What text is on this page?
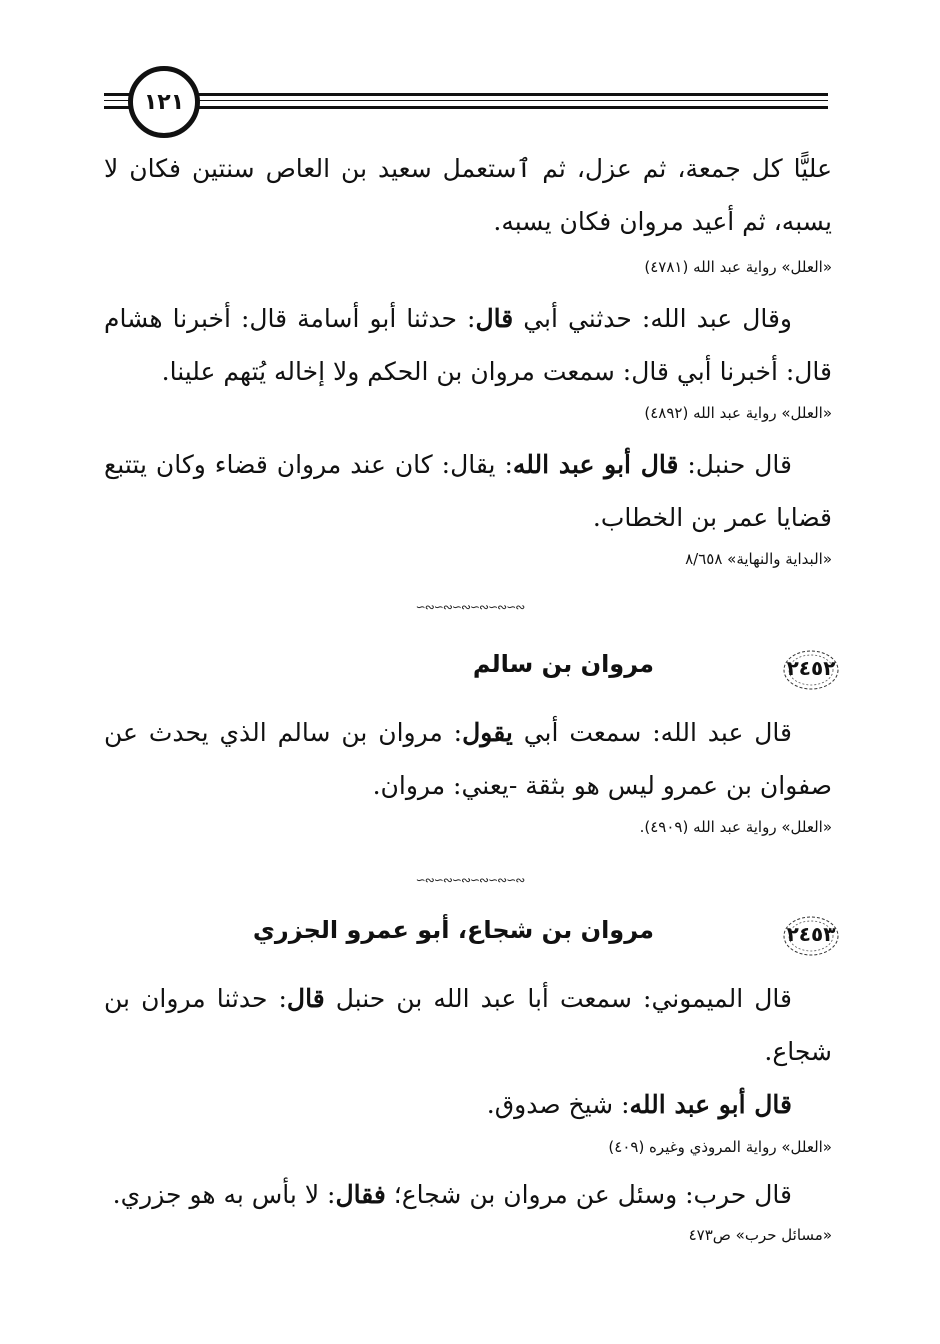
١٢١

عليًّا كل جمعة، ثم عزل، ثم ٱستعمل سعيد بن العاص سنتين فكان لا يسبه، ثم أعيد مروان فكان يسبه.

«العلل» رواية عبد الله (٤٧٨١)

وقال عبد الله: حدثني أبي قال: حدثنا أبو أسامة قال: أخبرنا هشام قال: أخبرنا أبي قال: سمعت مروان بن الحكم ولا إخاله يُتهم علينا.

«العلل» رواية عبد الله (٤٨٩٢)

قال حنبل: قال أبو عبد الله: يقال: كان عند مروان قضاء وكان يتتبع قضايا عمر بن الخطاب.

«البداية والنهاية» ٨/٦٥٨

∽∾∽∾∽∾∽∾∽∾∽∾
٢٤٥٢
مروان بن سالم

قال عبد الله: سمعت أبي يقول: مروان بن سالم الذي يحدث عن صفوان بن عمرو ليس هو بثقة -يعني: مروان.

«العلل» رواية عبد الله (٤٩٠٩).

∽∾∽∾∽∾∽∾∽∾∽∾
٢٤٥٣
مروان بن شجاع، أبو عمرو الجزري

قال الميموني: سمعت أبا عبد الله بن حنبل قال: حدثنا مروان بن شجاع.

قال أبو عبد الله: شيخ صدوق.

«العلل» رواية المروذي وغيره (٤٠٩)

قال حرب: وسئل عن مروان بن شجاع؛ فقال: لا بأس به هو جزري.

«مسائل حرب» ص٤٧٣
